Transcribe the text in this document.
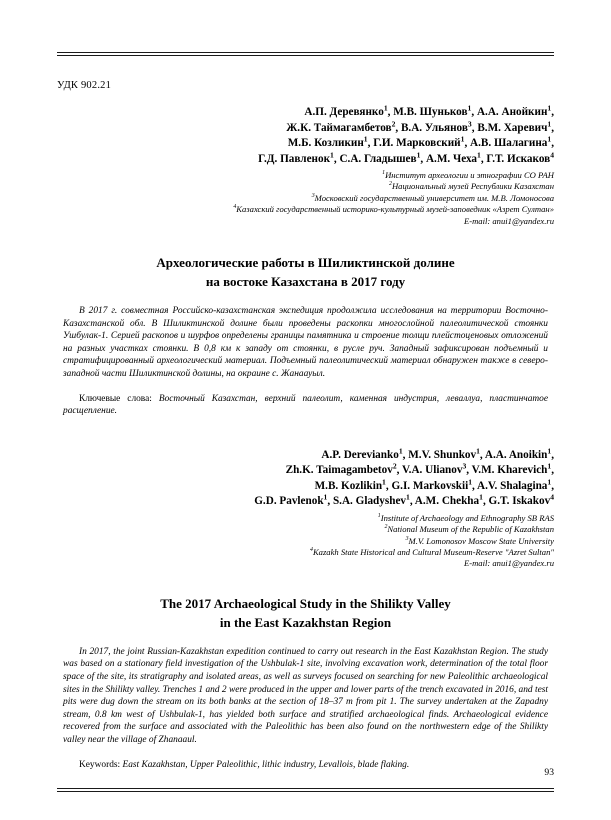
УДК 902.21
А.П. Деревянко$^1$, М.В. Шуньков$^1$, А.А. Анойкин$^1$,
Ж.К. Таймагамбетов$^2$, В.А. Ульянов$^3$, В.М. Харевич$^1$,
М.Б. Козликин$^1$, Г.И. Марковский$^1$, А.В. Шалагина$^1$,
Г.Д. Павленок$^1$, С.А. Гладышев$^1$, А.М. Чеха$^1$, Г.Т. Искаков$^4$
$^1$Институт археологии и этнографии СО РАН
$^2$Национальный музей Республики Казахстан
$^3$Московский государственный университет им. М.В. Ломоносова
$^4$Казахский государственный историко-культурный музей-заповедник «Азрет Султан»
E-mail: anui1@yandex.ru
Археологические работы в Шиликтинской долине
на востоке Казахстана в 2017 году
В 2017 г. совместная Российско-казахстанская экспедиция продолжила исследования на территории Восточно-Казахстанской обл. В Шиликтинской долине были проведены раскопки многослойной палеолитической стоянки Ушбулак-1. Серией раскопов и шурфов определены границы памятника и строение толщи плейстоценовых отложений на разных участках стоянки. В 0,8 км к западу от стоянки, в русле руч. Западный зафиксирован подъемный и стратифицированный археологический материал. Подъемный палеолитический материал обнаружен также в северо-западной части Шиликтинской долины, на окраине с. Жанаауыл.
Ключевые слова: Восточный Казахстан, верхний палеолит, каменная индустрия, леваллуа, пластинчатое расщепление.
A.P. Derevianko$^1$, M.V. Shunkov$^1$, A.A. Anoikin$^1$,
Zh.K. Taimagambetov$^2$, V.A. Ulianov$^3$, V.M. Kharevich$^1$,
M.B. Kozlikin$^1$, G.I. Markovskii$^1$, A.V. Shalagina$^1$,
G.D. Pavlenok$^1$, S.A. Gladyshev$^1$, A.M. Chekha$^1$, G.T. Iskakov$^4$
$^1$Institute of Archaeology and Ethnography SB RAS
$^2$National Museum of the Republic of Kazakhstan
$^3$M.V. Lomonosov Moscow State University
$^4$Kazakh State Historical and Cultural Museum-Reserve "Azret Sultan"
E-mail: anui1@yandex.ru
The 2017 Archaeological Study in the Shilikty Valley
in the East Kazakhstan Region
In 2017, the joint Russian-Kazakhstan expedition continued to carry out research in the East Kazakhstan Region. The study was based on a stationary field investigation of the Ushbulak-1 site, involving excavation work, determination of the total floor space of the site, its stratigraphy and isolated areas, as well as surveys focused on searching for new Paleolithic archaeological sites in the Shilikty valley. Trenches 1 and 2 were produced in the upper and lower parts of the trench excavated in 2016, and test pits were dug down the stream on its both banks at the section of 18–37 m from pit 1. The survey undertaken at the Zapadny stream, 0.8 km west of Ushbulak-1, has yielded both surface and stratified archaeological finds. Archaeological evidence recovered from the surface and associated with the Paleolithic has been also found on the northwestern edge of the Shilikty valley near the village of Zhanaaul.
Keywords: East Kazakhstan, Upper Paleolithic, lithic industry, Levallois, blade flaking.
93
